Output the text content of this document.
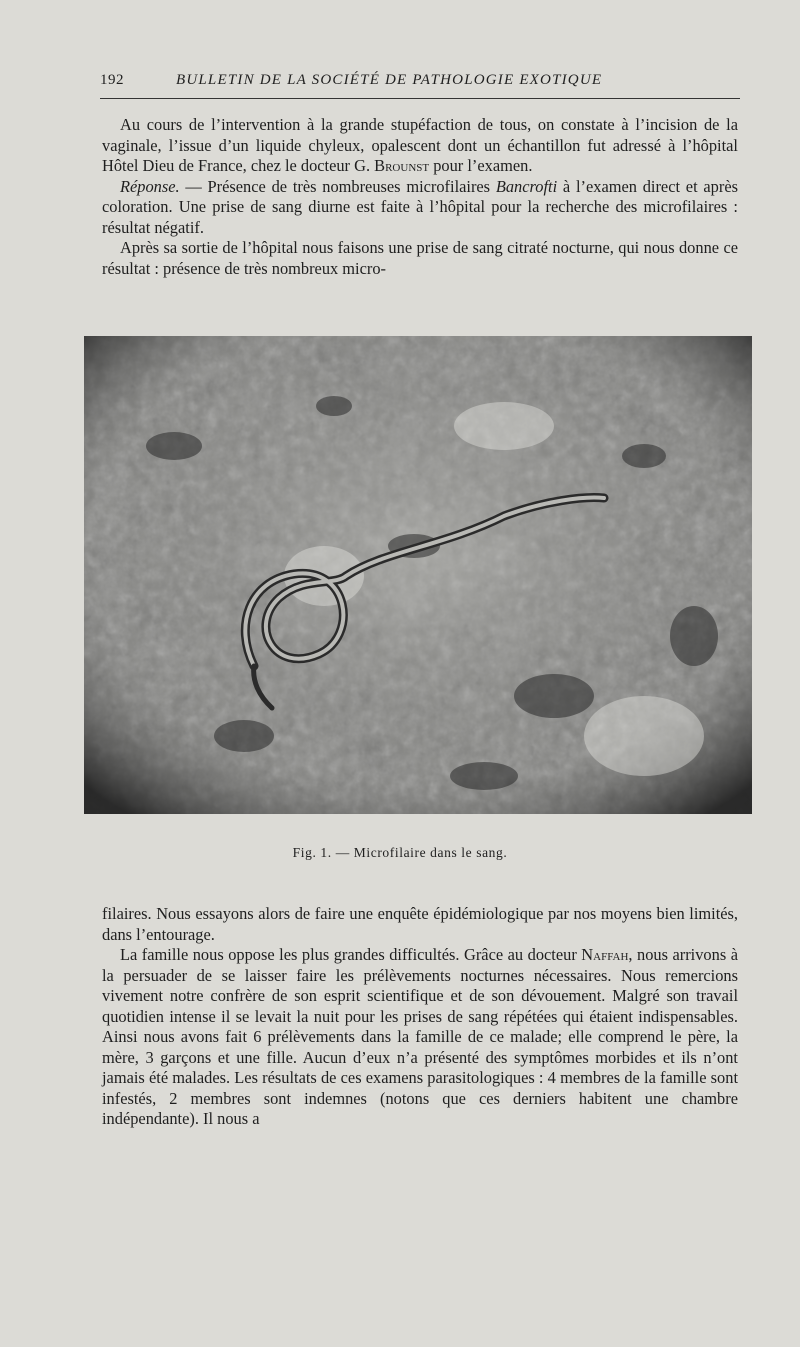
192	BULLETIN DE LA SOCIÉTÉ DE PATHOLOGIE EXOTIQUE

Au cours de l’intervention à la grande stupéfaction de tous, on constate à l’incision de la vaginale, l’issue d’un liquide chyleux, opalescent dont un échantillon fut adressé à l’hôpital Hôtel Dieu de France, chez le docteur G. Brounst pour l’examen.

Réponse. — Présence de très nombreuses microfilaires Bancrofti à l’examen direct et après coloration. Une prise de sang diurne est faite à l’hôpital pour la recherche des microfilaires : résultat négatif.

Après sa sortie de l’hôpital nous faisons une prise de sang citraté nocturne, qui nous donne ce résultat : présence de très nombreux micro-

Fig. 1. — Microfilaire dans le sang.

filaires. Nous essayons alors de faire une enquête épidémiologique par nos moyens bien limités, dans l’entourage.

La famille nous oppose les plus grandes difficultés. Grâce au docteur Naffah, nous arrivons à la persuader de se laisser faire les prélèvements nocturnes nécessaires. Nous remercions vivement notre confrère de son esprit scientifique et de son dévouement. Malgré son travail quotidien intense il se levait la nuit pour les prises de sang répétées qui étaient indispensables. Ainsi nous avons fait 6 prélèvements dans la famille de ce malade; elle comprend le père, la mère, 3 garçons et une fille. Aucun d’eux n’a présenté des symptômes morbides et ils n’ont jamais été malades. Les résultats de ces examens parasitologiques : 4 membres de la famille sont infestés, 2 membres sont indemnes (notons que ces derniers habitent une chambre indépendante). Il nous a
